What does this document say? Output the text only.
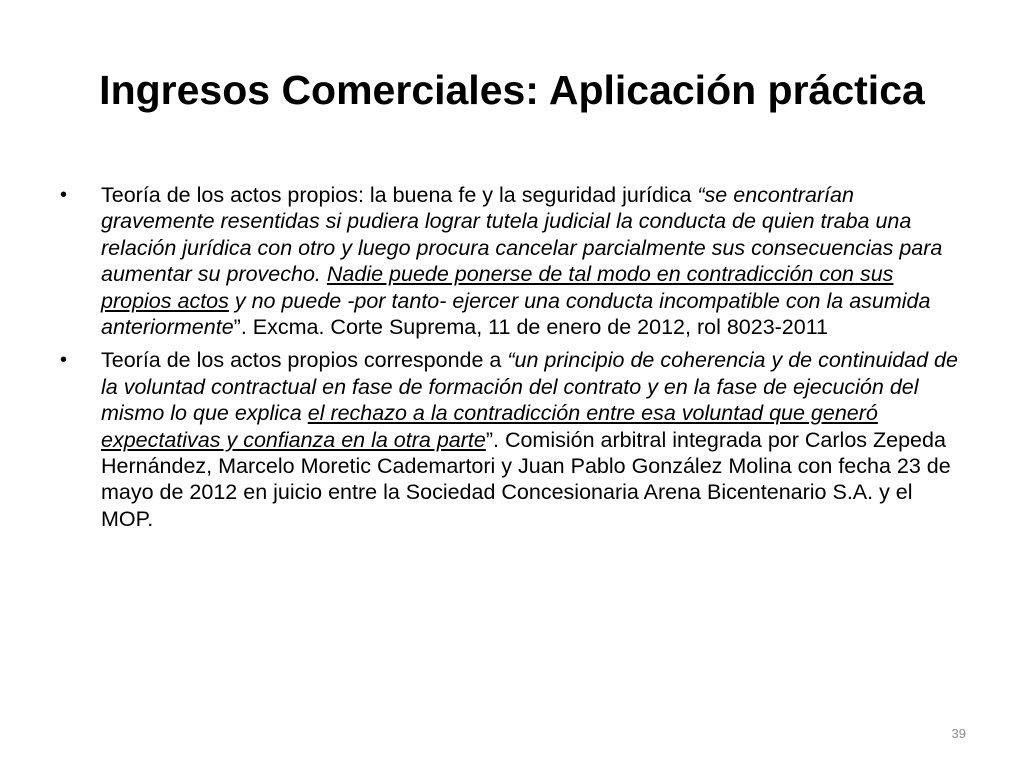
Ingresos Comerciales: Aplicación práctica
•	Teoría de los actos propios: la buena fe y la seguridad jurídica “se encontrarían gravemente resentidas si pudiera lograr tutela judicial la conducta de quien traba una relación jurídica con otro y luego procura cancelar parcialmente sus consecuencias para aumentar su provecho. Nadie puede ponerse de tal modo en contradicción con sus propios actos y no puede -por tanto- ejercer una conducta incompatible con la asumida anteriormente”. Excma. Corte Suprema, 11 de enero de 2012, rol 8023-2011
•	Teoría de los actos propios corresponde a “un principio de coherencia y de continuidad de la voluntad contractual en fase de formación del contrato y en la fase de ejecución del mismo lo que explica el rechazo a la contradicción entre esa voluntad que generó expectativas y confianza en la otra parte”. Comisión arbitral integrada por Carlos Zepeda Hernández, Marcelo Moretic Cademartori y Juan Pablo González Molina con fecha 23 de mayo de 2012 en juicio entre la Sociedad Concesionaria Arena Bicentenario S.A. y el MOP.
39
